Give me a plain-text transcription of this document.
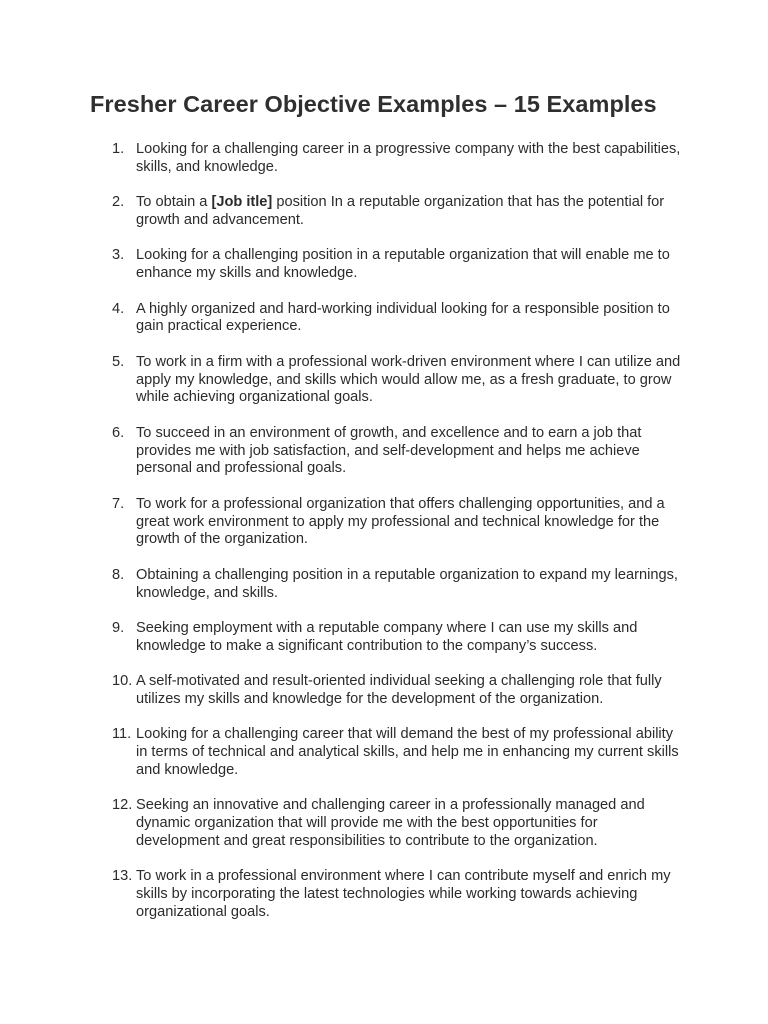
Fresher Career Objective Examples – 15 Examples
1. Looking for a challenging career in a progressive company with the best capabilities, skills, and knowledge.
2. To obtain a [Job itle] position In a reputable organization that has the potential for growth and advancement.
3. Looking for a challenging position in a reputable organization that will enable me to enhance my skills and knowledge.
4. A highly organized and hard-working individual looking for a responsible position to gain practical experience.
5. To work in a firm with a professional work-driven environment where I can utilize and apply my knowledge, and skills which would allow me, as a fresh graduate, to grow while achieving organizational goals.
6. To succeed in an environment of growth, and excellence and to earn a job that provides me with job satisfaction, and self-development and helps me achieve personal and professional goals.
7. To work for a professional organization that offers challenging opportunities, and a great work environment to apply my professional and technical knowledge for the growth of the organization.
8. Obtaining a challenging position in a reputable organization to expand my learnings, knowledge, and skills.
9. Seeking employment with a reputable company where I can use my skills and knowledge to make a significant contribution to the company’s success.
10. A self-motivated and result-oriented individual seeking a challenging role that fully utilizes my skills and knowledge for the development of the organization.
11. Looking for a challenging career that will demand the best of my professional ability in terms of technical and analytical skills, and help me in enhancing my current skills and knowledge.
12. Seeking an innovative and challenging career in a professionally managed and dynamic organization that will provide me with the best opportunities for development and great responsibilities to contribute to the organization.
13. To work in a professional environment where I can contribute myself and enrich my skills by incorporating the latest technologies while working towards achieving organizational goals.
